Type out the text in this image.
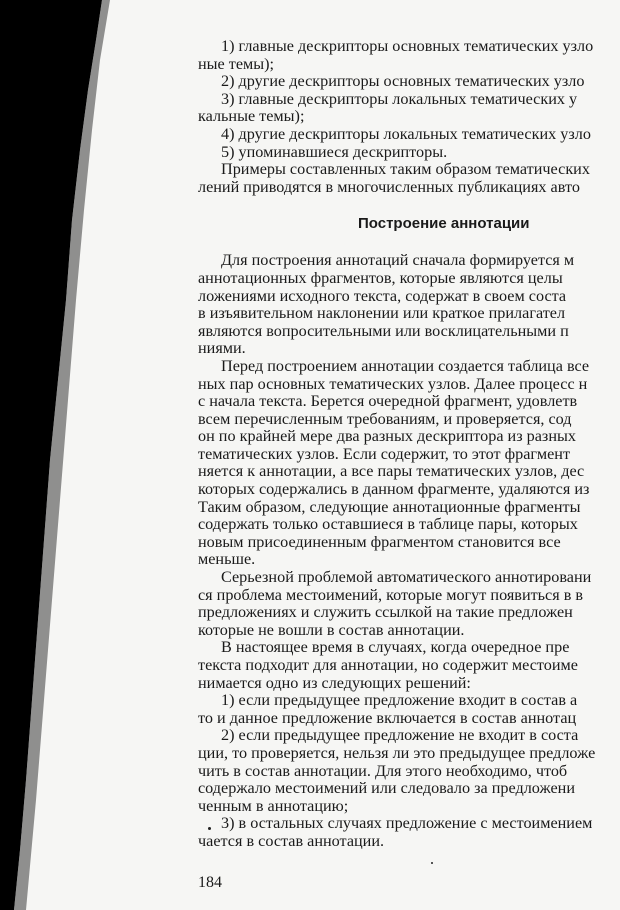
1) главные дескрипторы основных тематических узло
ные темы);
2) другие дескрипторы основных тематических узло
3) главные дескрипторы локальных тематических у
кальные темы);
4) другие дескрипторы локальных тематических узло
5) упоминавшиеся дескрипторы.
Примеры составленных таким образом тематических
лений приводятся в многочисленных публикациях авто
Построение аннотации
Для построения аннотаций сначала формируется м
аннотационных фрагментов, которые являются целы
ложениями исходного текста, содержат в своем соста
в изъявительном наклонении или краткое прилагател
являются вопросительными или восклицательными п
ниями.
Перед построением аннотации создается таблица все
ных пар основных тематических узлов. Далее процесс н
с начала текста. Берется очередной фрагмент, удовлетв
всем перечисленным требованиям, и проверяется, сод
он по крайней мере два разных дескриптора из разных
тематических узлов. Если содержит, то этот фрагмент
няется к аннотации, а все пары тематических узлов, дес
которых содержались в данном фрагменте, удаляются из
Таким образом, следующие аннотационные фрагменты
содержать только оставшиеся в таблице пары, которых
новым присоединенным фрагментом становится все
меньше.
Серьезной проблемой автоматического аннотировани
ся проблема местоимений, которые могут появиться в в
предложениях и служить ссылкой на такие предложен
которые не вошли в состав аннотации.
В настоящее время в случаях, когда очередное пре
текста подходит для аннотации, но содержит местоиме
нимается одно из следующих решений:
1) если предыдущее предложение входит в состав а
то и данное предложение включается в состав аннотац
2) если предыдущее предложение не входит в соста
ции, то проверяется, нельзя ли это предыдущее предложе
чить в состав аннотации. Для этого необходимо, чтоб
содержало местоимений или следовало за предложени
ченным в аннотацию;
3) в остальных случаях предложение с местоимением
чается в состав аннотации.
184
